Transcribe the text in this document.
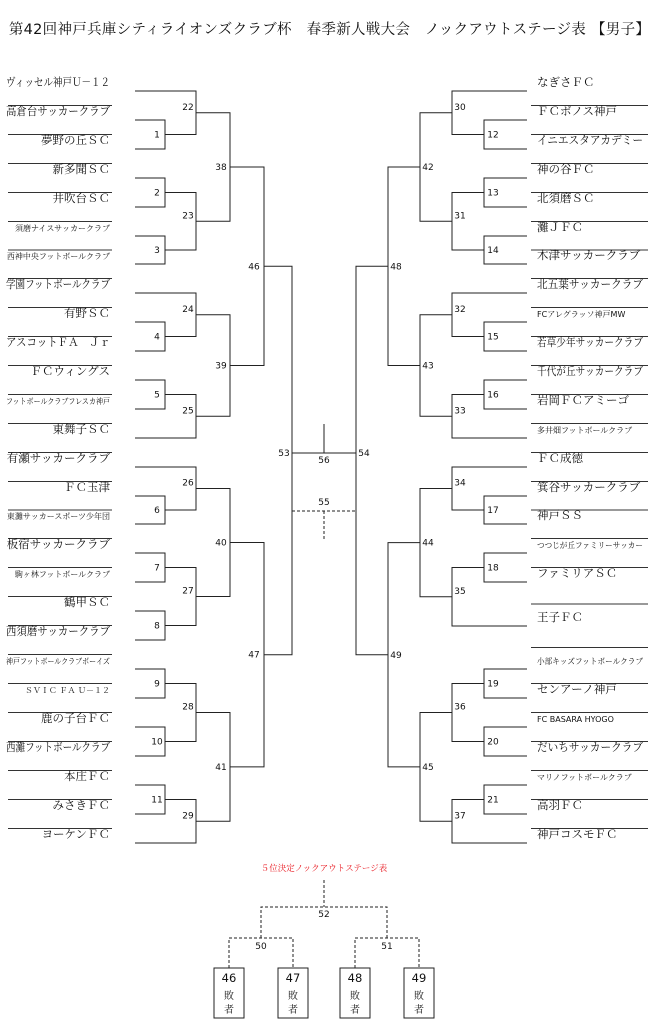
第42回神戸兵庫シティライオンズクラブ杯　春季新人戦大会　ノックアウトステージ表 【男子】
ヴィッセル神戸Ｕ－１２
高倉台サッカークラブ
夢野の丘ＳＣ
新多聞ＳＣ
井吹台ＳＣ
須磨ナイスサッカークラブ
西神中央フットボールクラブ
学園フットボールクラブ
有野ＳＣ
アスコットＦＡ　Ｊｒ
ＦＣウィングス
フットボールクラブフレスカ神戸
東舞子ＳＣ
有瀬サッカークラブ
ＦＣ玉津
東灘サッカースポーツ少年団
板宿サッカークラブ
駒ヶ林フットボールクラブ
鶴甲ＳＣ
西須磨サッカークラブ
神戸フットボールクラブボーイズ
ＳＶＩＣ ＦＡ Ｕ－１２
鹿の子台ＦＣ
西灘フットボールクラブ
本庄ＦＣ
みさきＦＣ
ヨーケンＦＣ
1
3
2
4
5
6
7
8
9
10
11
22
23
24
25
26
27
28
29
38
39
40
41
46
47
53
なぎさＦＣ
ＦＣボノス神戸
イニエスタアカデミー
神の谷ＦＣ
北須磨ＳＣ
灘ＪＦＣ
木津サッカークラブ
北五葉サッカークラブ
FCアレグラッソ神戸MW
若草少年サッカークラブ
千代が丘サッカークラブ
岩岡ＦＣアミーゴ
多井畑フットボールクラブ
ＦＣ成徳
箕谷サッカークラブ
神戸ＳＳ
つつじが丘ファミリーサッカー
ファミリアＳＣ
王子ＦＣ
小部キッズフットボールクラブ
センアーノ神戸
FC BASARA HYOGO
だいちサッカークラブ
マリノフットボールクラブ
高羽ＦＣ
神戸コスモＦＣ
12
13
14
15
16
17
18
19
20
21
30
31
32
33
34
35
36
37
42
43
44
45
48
49
54
56
55
５位決定ノックアウトステージ表
52
50	51
46
敗
者
47
敗
者
48
敗
者
49
敗
者
